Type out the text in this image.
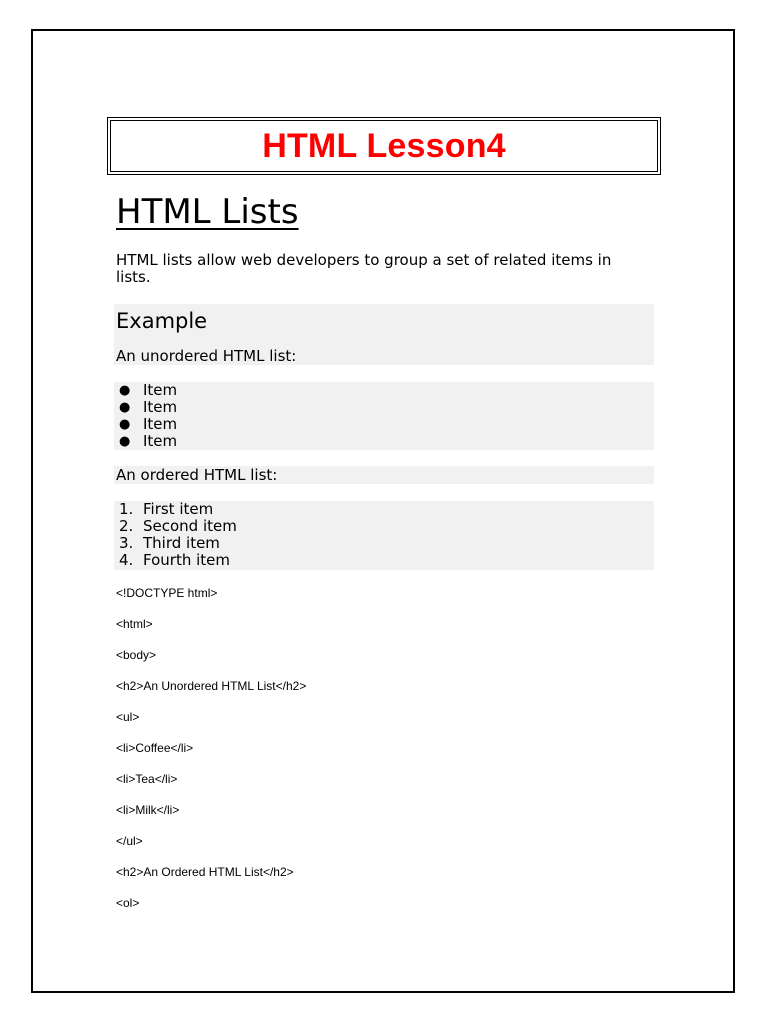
HTML Lesson4
HTML Lists

HTML lists allow web developers to group a set of related items in lists.

Example

An unordered HTML list:

● Item
● Item
● Item
● Item

An ordered HTML list:

1. First item
2. Second item
3. Third item
4. Fourth item
<!DOCTYPE html>
<html>
<body>
<h2>An Unordered HTML List</h2>
<ul>
<li>Coffee</li>
<li>Tea</li>
<li>Milk</li>
</ul>
<h2>An Ordered HTML List</h2>
<ol>
